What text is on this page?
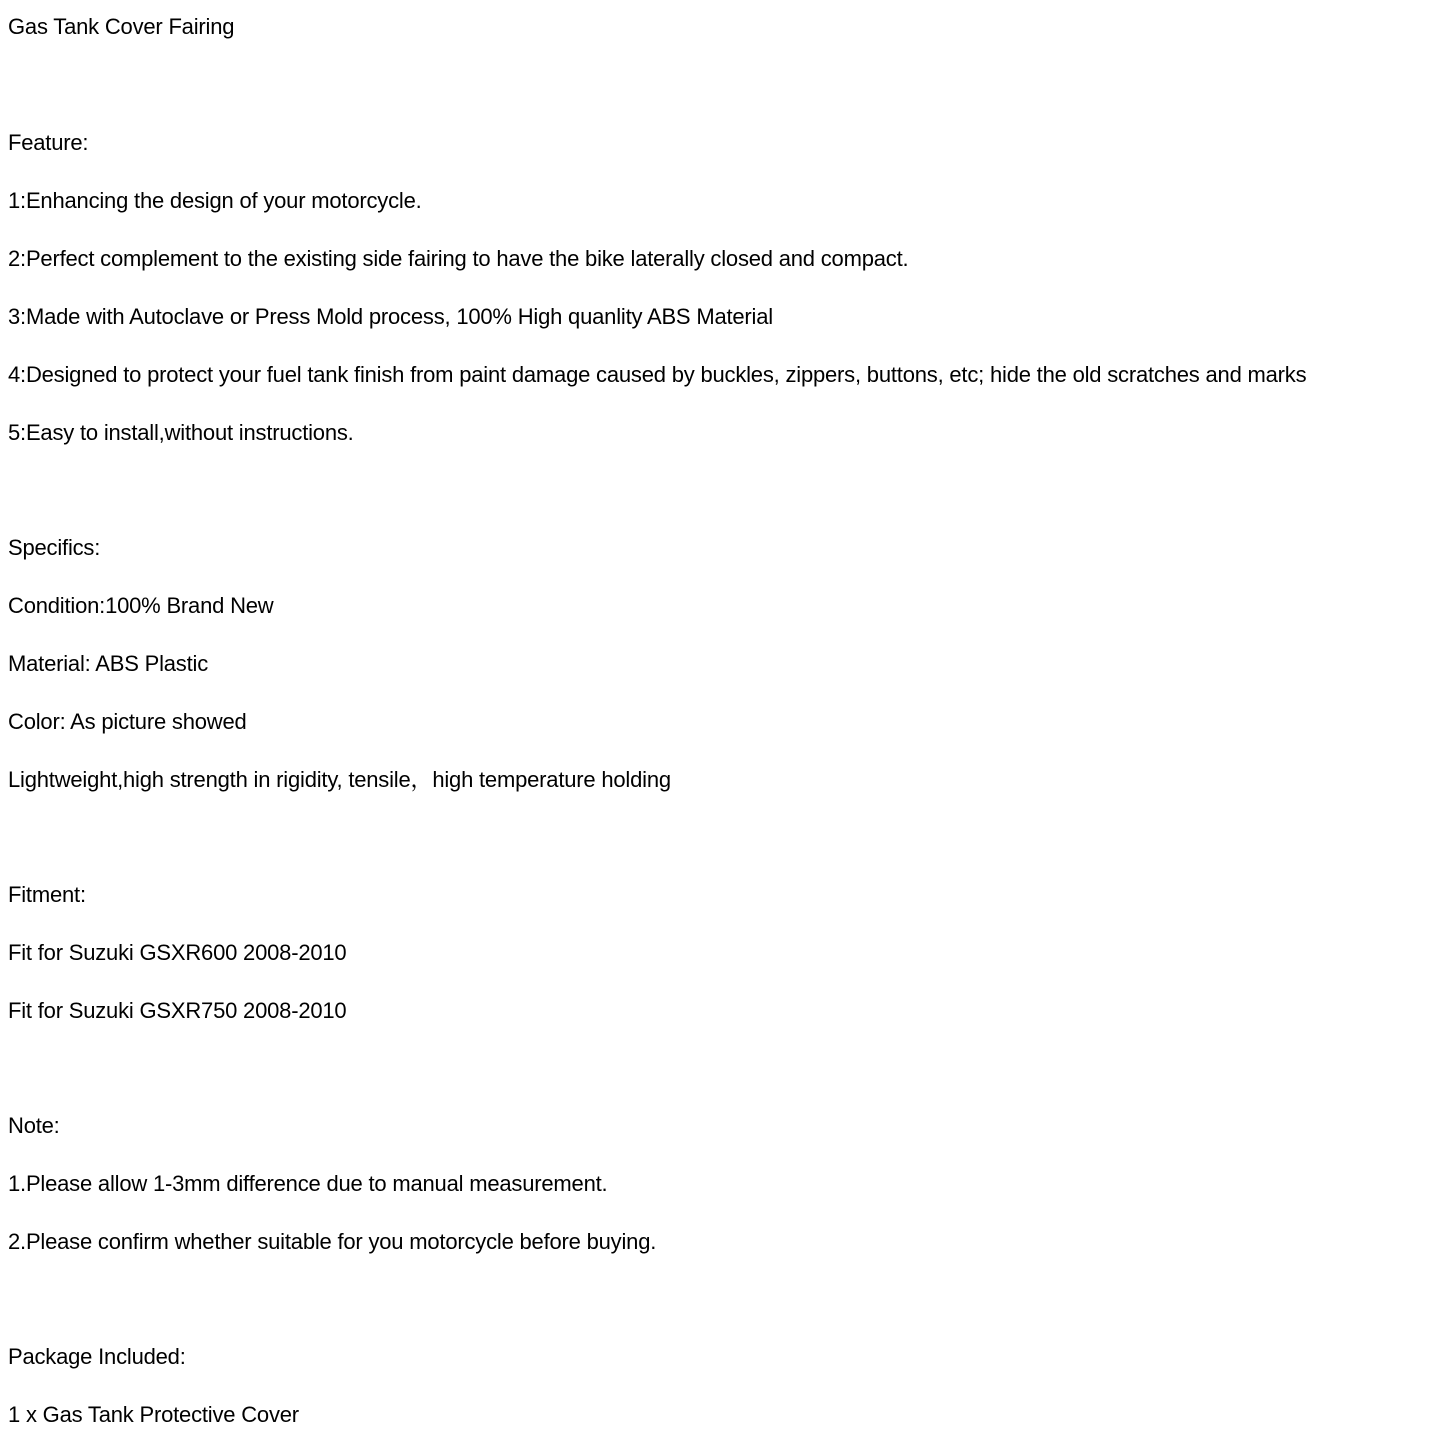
Gas Tank Cover Fairing
Feature:
1:Enhancing the design of your motorcycle.
2:Perfect complement to the existing side fairing to have the bike laterally closed and compact.
3:Made with Autoclave or Press Mold process, 100% High quanlity ABS Material
4:Designed to protect your fuel tank finish from paint damage caused by buckles, zippers, buttons, etc; hide the old scratches and marks
5:Easy to install,without instructions.
Specifics:
Condition:100% Brand New
Material: ABS Plastic
Color: As picture showed
Lightweight,high strength in rigidity, tensile，high temperature holding
Fitment:
Fit for Suzuki GSXR600 2008-2010
Fit for Suzuki GSXR750 2008-2010
Note:
1.Please allow 1-3mm difference due to manual measurement.
2.Please confirm whether suitable for you motorcycle before buying.
Package Included:
1 x Gas Tank Protective Cover
